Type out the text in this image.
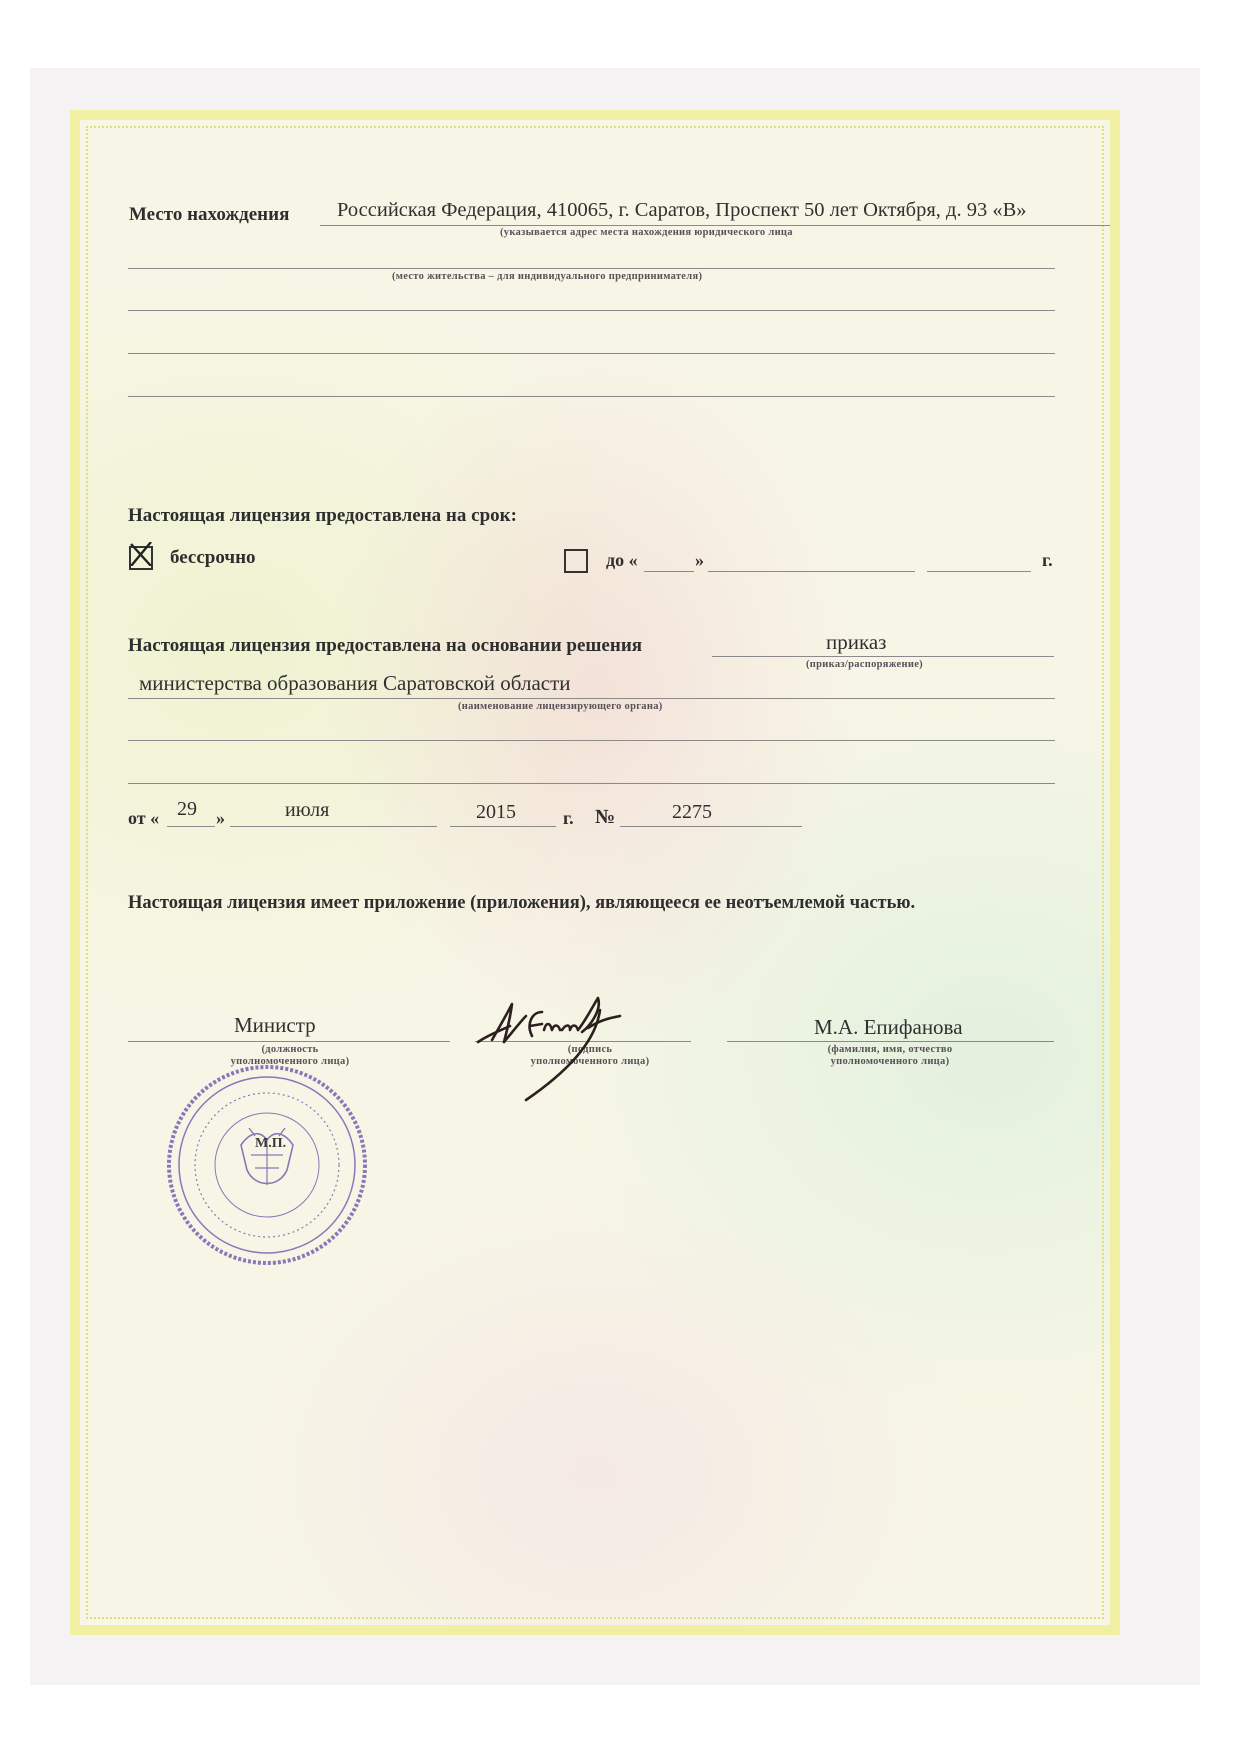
Место нахождения Российская Федерация, 410065, г. Саратов, Проспект 50 лет Октября, д. 93 «В»
(указывается адрес места нахождения юридического лица
(место жительства – для индивидуального предпринимателя)
Настоящая лицензия предоставлена на срок:
бессрочно	до «	»	г.
Настоящая лицензия предоставлена на основании решения	приказ
(приказ/распоряжение)
министерства образования Саратовской области
(наименование лицензирующего органа)
от « 29 »	июля	2015	г. №	2275
Настоящая лицензия имеет приложение (приложения), являющееся ее неотъемлемой частью.
Министр
(должность
уполномоченного лица)
(подпись
уполномоченного лица)
М.А. Епифанова
(фамилия, имя, отчество
уполномоченного лица)
М.П.
